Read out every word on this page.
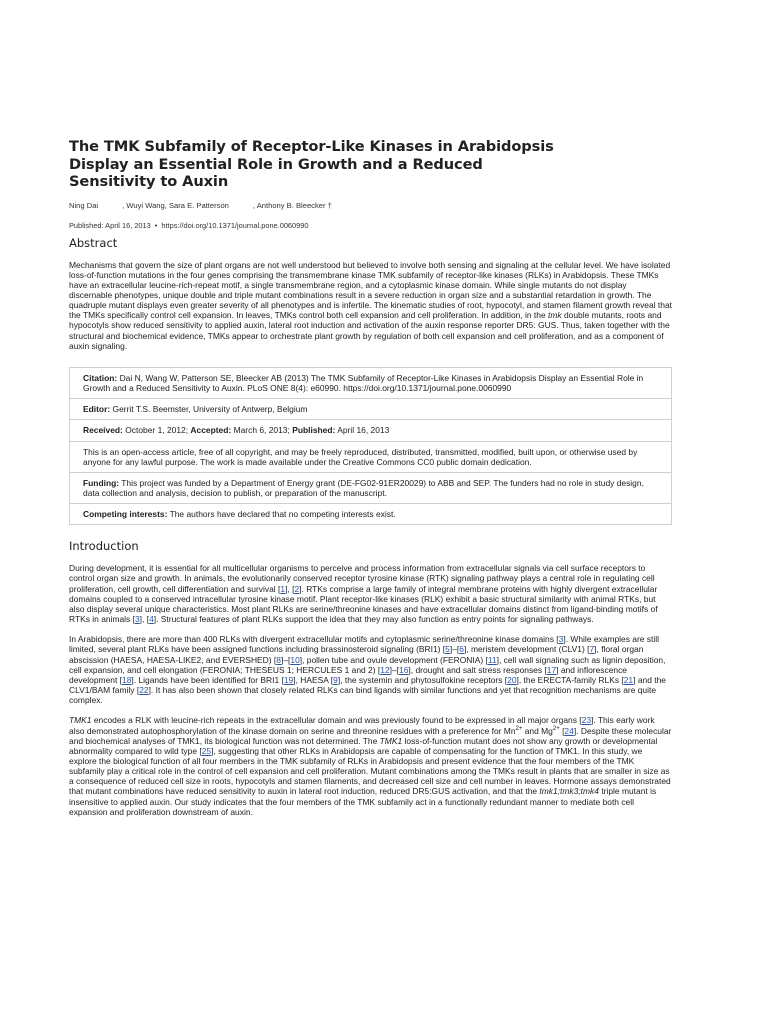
The TMK Subfamily of Receptor-Like Kinases in Arabidopsis
Display an Essential Role in Growth and a Reduced
Sensitivity to Auxin
Ning Dai	, Wuyi Wang, Sara E. Patterson	, Anthony B. Bleecker †
Published: April 16, 2013 • https://doi.org/10.1371/journal.pone.0060990
Abstract

Mechanisms that govern the size of plant organs are not well understood but believed to involve both sensing and signaling at the cellular level. We have isolated loss-of-function mutations in the four genes comprising the transmembrane kinase TMK subfamily of receptor-like kinases (RLKs) in Arabidopsis. These TMKs have an extracellular leucine-rich-repeat motif, a single transmembrane region, and a cytoplasmic kinase domain. While single mutants do not display discernable phenotypes, unique double and triple mutant combinations result in a severe reduction in organ size and a substantial retardation in growth. The quadruple mutant displays even greater severity of all phenotypes and is infertile. The kinematic studies of root, hypocotyl, and stamen filament growth reveal that the TMKs specifically control cell expansion. In leaves, TMKs control both cell expansion and cell proliferation. In addition, in the tmk double mutants, roots and hypocotyls show reduced sensitivity to applied auxin, lateral root induction and activation of the auxin response reporter DR5: GUS. Thus, taken together with the structural and biochemical evidence, TMKs appear to orchestrate plant growth by regulation of both cell expansion and cell proliferation, and as a component of auxin signaling.

Citation: Dai N, Wang W, Patterson SE, Bleecker AB (2013) The TMK Subfamily of Receptor-Like Kinases in Arabidopsis Display an Essential Role in Growth and a Reduced Sensitivity to Auxin. PLoS ONE 8(4): e60990. https://doi.org/10.1371/journal.pone.0060990
Editor: Gerrit T.S. Beemster, University of Antwerp, Belgium
Received: October 1, 2012; Accepted: March 6, 2013; Published: April 16, 2013
This is an open-access article, free of all copyright, and may be freely reproduced, distributed, transmitted, modified, built upon, or otherwise used by anyone for any lawful purpose. The work is made available under the Creative Commons CC0 public domain dedication.
Funding: This project was funded by a Department of Energy grant (DE-FG02-91ER20029) to ABB and SEP. The funders had no role in study design, data collection and analysis, decision to publish, or preparation of the manuscript.
Competing interests: The authors have declared that no competing interests exist.
Introduction

During development, it is essential for all multicellular organisms to perceive and process information from extracellular signals via cell surface receptors to control organ size and growth. In animals, the evolutionarily conserved receptor tyrosine kinase (RTK) signaling pathway plays a central role in regulating cell proliferation, cell growth, cell differentiation and survival [1], [2]. RTKs comprise a large family of integral membrane proteins with highly divergent extracellular domains coupled to a conserved intracellular tyrosine kinase motif. Plant receptor-like kinases (RLK) exhibit a basic structural similarity with animal RTKs, but also display several unique characteristics. Most plant RLKs are serine/threonine kinases and have extracellular domains distinct from ligand-binding motifs of RTKs in animals [3], [4]. Structural features of plant RLKs support the idea that they may also function as entry points for signaling pathways.

In Arabidopsis, there are more than 400 RLKs with divergent extracellular motifs and cytoplasmic serine/threonine kinase domains [3]. While examples are still limited, several plant RLKs have been assigned functions including brassinosteroid signaling (BRI1) [5]–[6], meristem development (CLV1) [7], floral organ abscission (HAESA, HAESA-LIKE2, and EVERSHED) [8]–[10], pollen tube and ovule development (FERONIA) [11], cell wall signaling such as lignin deposition, cell expansion, and cell elongation (FERONIA; THESEUS 1; HERCULES 1 and 2) [12]–[16], drought and salt stress responses [17] and inflorescence development [18]. Ligands have been identified for BRI1 [19], HAESA [9], the systemin and phytosulfokine receptors [20], the ERECTA-family RLKs [21] and the CLV1/BAM family [22]. It has also been shown that closely related RLKs can bind ligands with similar functions and yet that recognition mechanisms are quite complex.

TMK1 encodes a RLK with leucine-rich repeats in the extracellular domain and was previously found to be expressed in all major organs [23]. This early work also demonstrated autophosphorylation of the kinase domain on serine and threonine residues with a preference for $Mn^{2+}$ and $Mg^{2+}$ [24]. Despite these molecular and biochemical analyses of TMK1, its biological function was not determined. The TMK1 loss-of-function mutant does not show any growth or developmental abnormality compared to wild type [25], suggesting that other RLKs in Arabidopsis are capable of compensating for the function of TMK1. In this study, we explore the biological function of all four members in the TMK subfamily of RLKs in Arabidopsis and present evidence that the four members of the TMK subfamily play a critical role in the control of cell expansion and cell proliferation. Mutant combinations among the TMKs result in plants that are smaller in size as a consequence of reduced cell size in roots, hypocotyls and stamen filaments, and decreased cell size and cell number in leaves. Hormone assays demonstrated that mutant combinations have reduced sensitivity to auxin in lateral root induction, reduced DR5:GUS activation, and that the tmk1;tmk3;tmk4 triple mutant is insensitive to applied auxin. Our study indicates that the four members of the TMK subfamily act in a functionally redundant manner to mediate both cell expansion and proliferation downstream of auxin.
